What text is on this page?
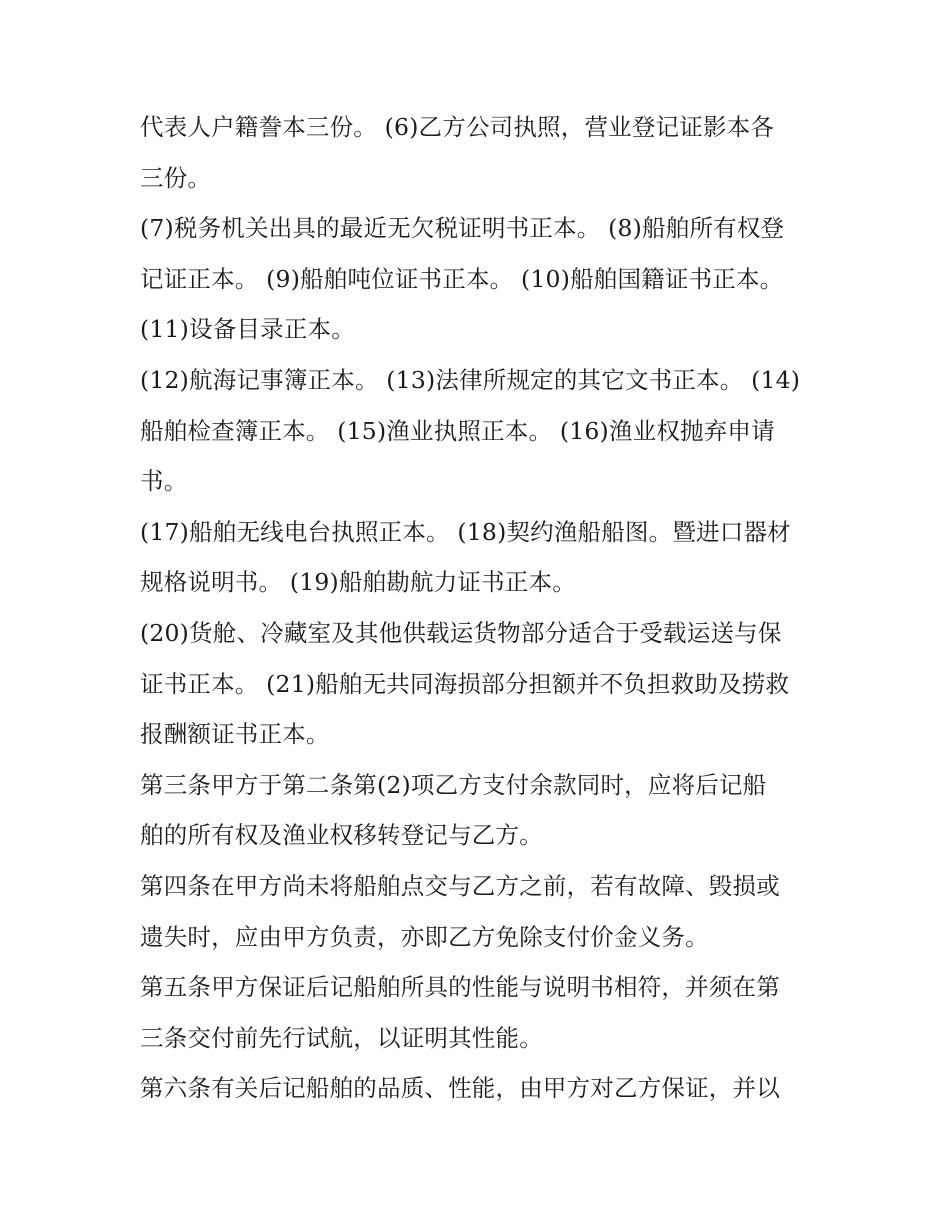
代表人户籍誊本三份。 (6)乙方公司执照，营业登记证影本各
三份。
(7)税务机关出具的最近无欠税证明书正本。 (8)船舶所有权登
记证正本。 (9)船舶吨位证书正本。 (10)船舶国籍证书正本。
(11)设备目录正本。
(12)航海记事簿正本。 (13)法律所规定的其它文书正本。 (14)
船舶检查簿正本。 (15)渔业执照正本。 (16)渔业权抛弃申请
书。
(17)船舶无线电台执照正本。 (18)契约渔船船图。暨进口器材
规格说明书。 (19)船舶勘航力证书正本。
(20)货舱、冷藏室及其他供载运货物部分适合于受载运送与保
证书正本。 (21)船舶无共同海损部分担额并不负担救助及捞救
报酬额证书正本。
第三条甲方于第二条第(2)项乙方支付余款同时，应将后记船
舶的所有权及渔业权移转登记与乙方。
第四条在甲方尚未将船舶点交与乙方之前，若有故障、毁损或
遗失时，应由甲方负责，亦即乙方免除支付价金义务。
第五条甲方保证后记船舶所具的性能与说明书相符，并须在第
三条交付前先行试航，以证明其性能。
第六条有关后记船舶的品质、性能，由甲方对乙方保证，并以
